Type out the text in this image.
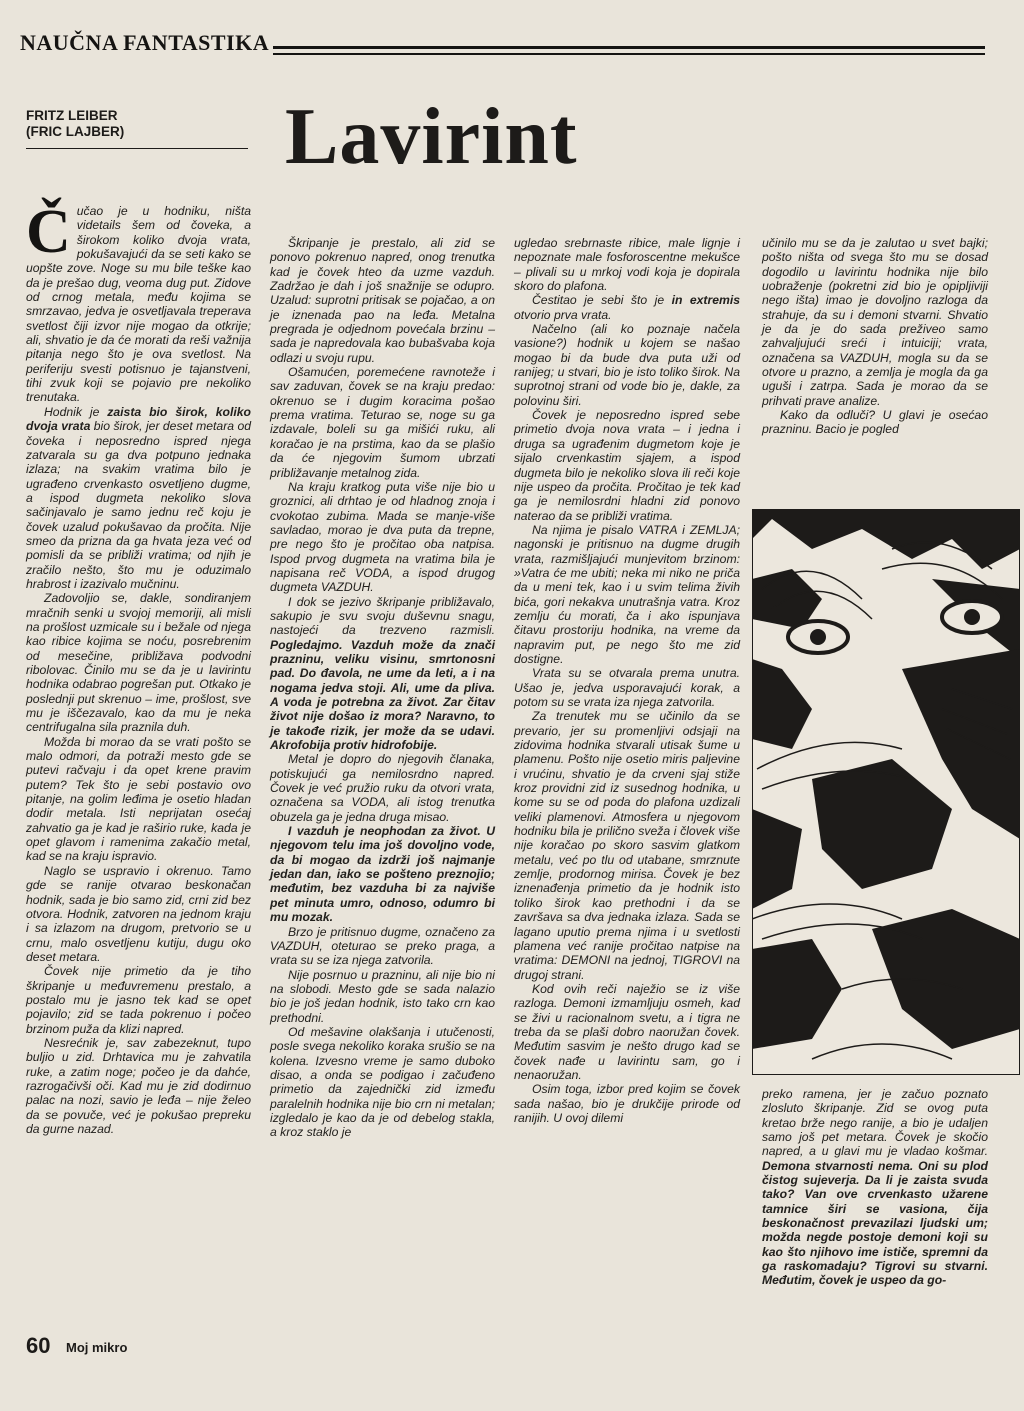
NAUČNA FANTASTIKA
FRITZ LEIBER
(FRIC LAJBER)	Lavirint

Čučao je u hodniku, ništa videtails šem od čoveka, a širokom koliko dvoja vrata, pokušavajući da se seti kako se uopšte zove. Noge su mu bile teške kao da je prešao dug, veoma dug put. Zidove od crnog metala, među kojima se smrzavao, jedva je osvetljavala treperava svetlost čiji izvor nije mogao da otkrije; ali, shvatio je da će morati da reši važnija pitanja nego što je ova svetlost. Na periferiju svesti potisnuo je tajanstveni, tihi zvuk koji se pojavio pre nekoliko trenutaka.

Hodnik je zaista bio širok, koliko dvoja vrata bio širok, jer deset metara od čoveka i neposredno ispred njega zatvarala su ga dva potpuno jednaka izlaza; na svakim vratima bilo je ugrađeno crvenkasto osvetljeno dugme, a ispod dugmeta nekoliko slova sačinjavalo je samo jednu reč koju je čovek uzalud pokušavao da pročita. Nije smeo da prizna da ga hvata jeza već od pomisli da se približi vratima; od njih je zračilo nešto, što mu je oduzimalo hrabrost i izazivalo mučninu.

Zadovoljio se, dakle, sondiranjem mračnih senki u svojoj memoriji, ali misli na prošlost uzmicale su i bežale od njega kao ribice kojima se noću, posrebrenim od mesečine, približava podvodni ribolovac. Činilo mu se da je u lavirintu hodnika odabrao pogrešan put. Otkako je poslednji put skrenuo – ime, prošlost, sve mu je iščezavalo, kao da mu je neka centrifugalna sila praznila duh.

Možda bi morao da se vrati pošto se malo odmori, da potraži mesto gde se putevi račvaju i da opet krene pravim putem? Tek što je sebi postavio ovo pitanje, na golim leđima je osetio hladan dodir metala. Isti neprijatan osećaj zahvatio ga je kad je raširio ruke, kada je opet glavom i ramenima zakačio metal, kad se na kraju ispravio.

Naglo se uspravio i okrenuo. Tamo gde se ranije otvarao beskonačan hodnik, sada je bio samo zid, crni zid bez otvora. Hodnik, zatvoren na jednom kraju i sa izlazom na drugom, pretvorio se u crnu, malo osvetljenu kutiju, dugu oko deset metara.

Čovek nije primetio da je tiho škripanje u međuvremenu prestalo, a postalo mu je jasno tek kad se opet pojavilo; zid se tada pokrenuo i počeo brzinom puža da klizi napred.

Nesrećnik je, sav zabezeknut, tupo buljio u zid. Drhtavica mu je zahvatila ruke, a zatim noge; počeo je da dahće, razrogačivši oči. Kad mu je zid dodirnuo palac na nozi, savio je leđa – nije želeo da se povuče, već je pokušao prepreku da gurne nazad.

Škripanje je prestalo, ali zid se ponovo pokrenuo napred, onog trenutka kad je čovek hteo da uzme vazduh. Zadržao je dah i još snažnije se odupro. Uzalud: suprotni pritisak se pojačao, a on je iznenada pao na leđa. Metalna pregrada je odjednom povećala brzinu – sada je napredovala kao bubašvaba koja odlazi u svoju rupu.

Ošamućen, poremećene ravnoteže i sav zaduvan, čovek se na kraju predao: okrenuo se i dugim koracima pošao prema vratima. Teturao se, noge su ga izdavale, boleli su ga mišići ruku, ali koračao je na prstima, kao da se plašio da će njegovim šumom ubrzati približavanje metalnog zida.

Na kraju kratkog puta više nije bio u groznici, ali drhtao je od hladnog znoja i cvokotao zubima. Mada se manje-više savladao, morao je dva puta da trepne, pre nego što je pročitao oba natpisa. Ispod prvog dugmeta na vratima bila je napisana reč VODA, a ispod drugog dugmeta VAZDUH.

I dok se jezivo škripanje približavalo, sakupio je svu svoju duševnu snagu, nastojeći da trezveno razmisli. Pogledajmo. Vazduh može da znači prazninu, veliku visinu, smrtonosni pad. Do đavola, ne ume da leti, a i na nogama jedva stoji. Ali, ume da pliva. A voda je potrebna za život. Zar čitav život nije došao iz mora? Naravno, to je takođe rizik, jer može da se udavi. Akrofobija protiv hidrofobije.

Metal je dopro do njegovih članaka, potiskujući ga nemilosrdno napred. Čovek je već pružio ruku da otvori vrata, označena sa VODA, ali istog trenutka obuzela ga je jedna druga misao.

I vazduh je neophodan za život. U njegovom telu ima još dovoljno vode, da bi mogao da izdrži još najmanje jedan dan, iako se pošteno preznojio; međutim, bez vazduha bi za najviše pet minuta umro, odnoso, odumro bi mu mozak.

Brzo je pritisnuo dugme, označeno za VAZDUH, oteturao se preko praga, a vrata su se iza njega zatvorila.

Nije posrnuo u prazninu, ali nije bio ni na slobodi. Mesto gde se sada nalazio bio je još jedan hodnik, isto tako crn kao prethodni.

Od mešavine olakšanja i utučenosti, posle svega nekoliko koraka srušio se na kolena. Izvesno vreme je samo duboko disao, a onda se podigao i začuđeno primetio da zajednički zid između paralelnih hodnika nije bio crn ni metalan; izgledalo je kao da je od debelog stakla, a kroz staklo je

ugledao srebrnaste ribice, male lignje i nepoznate male fosforoscentne mekušce – plivali su u mrkoj vodi koja je dopirala skoro do plafona.

Čestitao je sebi što je in extremis otvorio prva vrata.

Načelno (ali ko poznaje načela vasione?) hodnik u kojem se našao mogao bi da bude dva puta uži od ranijeg; u stvari, bio je isto toliko širok. Na suprotnoj strani od vode bio je, dakle, za polovinu širi.

Čovek je neposredno ispred sebe primetio dvoja nova vrata – i jedna i druga sa ugrađenim dugmetom koje je sijalo crvenkastim sjajem, a ispod dugmeta bilo je nekoliko slova ili reči koje nije uspeo da pročita. Pročitao je tek kad ga je nemilosrdni hladni zid ponovo naterao da se približi vratima.

Na njima je pisalo VATRA i ZEMLJA; nagonski je pritisnuo na dugme drugih vrata, razmišljajući munjevitom brzinom: »Vatra će me ubiti; neka mi niko ne priča da u meni tek, kao i u svim telima živih bića, gori nekakva unutrašnja vatra. Kroz zemlju ću morati, ča i ako ispunjava čitavu prostoriju hodnika, na vreme da napravim put, pe nego što me zid dostigne.

Vrata su se otvarala prema unutra. Ušao je, jedva usporavajući korak, a potom su se vrata iza njega zatvorila.

Za trenutek mu se učinilo da se prevario, jer su promenljivi odsjaji na zidovima hodnika stvarali utisak šume u plamenu. Pošto nije osetio miris paljevine i vrućinu, shvatio je da crveni sjaj stiže kroz providni zid iz susednog hodnika, u kome su se od poda do plafona uzdizali veliki plamenovi. Atmosfera u njegovom hodniku bila je prilično sveža i človek više nije koračao po skoro sasvim glatkom metalu, već po tlu od utabane, smrznute zemlje, prodornog mirisa. Čovek je bez iznenađenja primetio da je hodnik isto toliko širok kao prethodni i da se završava sa dva jednaka izlaza. Sada se lagano uputio prema njima i u svetlosti plamena već ranije pročitao natpise na vratima: DEMONI na jednoj, TIGROVI na drugoj strani.

Kod ovih reči naježio se iz više razloga. Demoni izmamljuju osmeh, kad se živi u racionalnom svetu, a i tigra ne treba da se plaši dobro naoružan čovek. Međutim sasvim je nešto drugo kad se čovek nađe u lavirintu sam, go i nenaoružan.

Osim toga, izbor pred kojim se čovek sada našao, bio je drukčije prirode od ranijih. U ovoj dilemi

učinilo mu se da je zalutao u svet bajki; pošto ništa od svega što mu se dosad dogodilo u lavirintu hodnika nije bilo uobraženje (pokretni zid bio je opipljiviji nego išta) imao je dovoljno razloga da strahuje, da su i demoni stvarni. Shvatio je da je do sada preživeo samo zahvaljujući sreći i intuiciji; vrata, označena sa VAZDUH, mogla su da se otvore u prazno, a zemlja je mogla da ga uguši i zatrpa. Sada je morao da se prihvati prave analize.

Kako da odluči? U glavi je osećao prazninu. Bacio je pogled

preko ramena, jer je začuo poznato zlosluto škripanje. Zid se ovog puta kretao brže nego ranije, a bio je udaljen samo još pet metara. Čovek je skočio napred, a u glavi mu je vladao košmar. Demona stvarnosti nema. Oni su plod čistog sujeverja. Da li je zaista svuda tako? Van ove crvenkasto užarene tamnice širi se vasiona, čija beskonačnost prevazilazi ljudski um; možda negde postoje demoni koji su kao što njihovo ime ističe, spremni da ga raskomadaju? Tigrovi su stvarni. Međutim, čovek je uspeo da go-

60 Moj mikro
